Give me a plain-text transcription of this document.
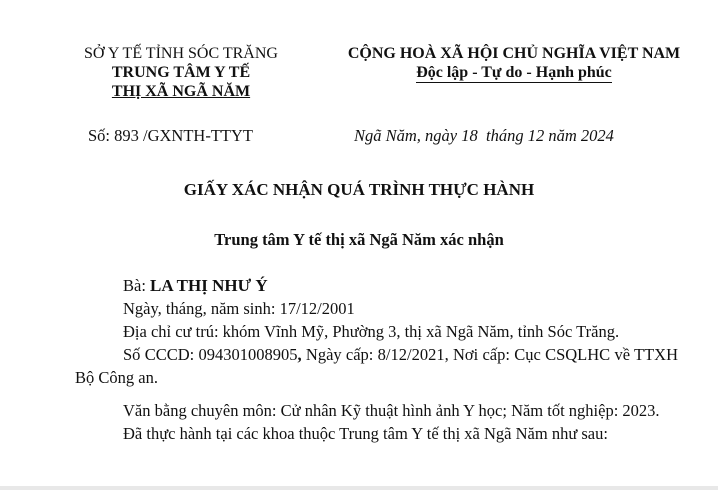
SỞ Y TẾ TỈNH SÓC TRĂNG
TRUNG TÂM Y TẾ
THỊ XÃ NGÃ NĂM
CỘNG HOÀ XÃ HỘI CHỦ NGHĨA VIỆT NAM
Độc lập - Tự do - Hạnh phúc
Số: 893 /GXNTH-TTYT	Ngã Năm, ngày 18  tháng 12 năm 2024
GIẤY XÁC NHẬN QUÁ TRÌNH THỰC HÀNH
Trung tâm Y tế thị xã Ngã Năm xác nhận

Bà: LA THỊ NHƯ Ý

Ngày, tháng, năm sinh: 17/12/2001

Địa chỉ cư trú: khóm Vĩnh Mỹ, Phường 3, thị xã Ngã Năm, tỉnh Sóc Trăng.

Số CCCD: 094301008905, Ngày cấp: 8/12/2021, Nơi cấp: Cục CSQLHC về TTXH Bộ Công an.

Văn bằng chuyên môn: Cử nhân Kỹ thuật hình ảnh Y học; Năm tốt nghiệp: 2023.

Đã thực hành tại các khoa thuộc Trung tâm Y tế thị xã Ngã Năm như sau:
